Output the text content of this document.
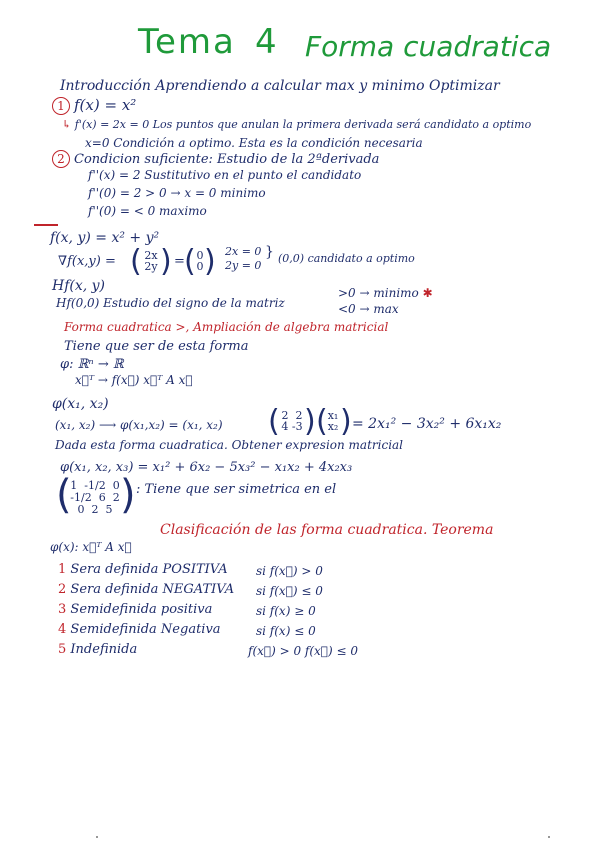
Tema 4 Forma cuadratica
Introducción Aprendiendo a calcular max y minimo Optimizar
1 f(x) = x²
↳ f'(x) = 2x = 0 Los puntos que anulan la primera derivada será candidato a optimo
x=0 Condición a optimo. Esta es la condición necesaria
2 Condicion suficiente: Estudio de la 2ªderivada
f''(x) = 2 Sustitutivo en el punto el candidato
f''(0) = 2 > 0 → x = 0 minimo
f''(0) = < 0 maximo
f(x, y) = x² + y²
∇f(x,y) = ( 2x
2y ) = ( 0
0 ) 2x = 0
2y = 0
} (0,0) candidato a optimo
Hf(x, y)
Hf(0,0) Estudio del signo de la matriz
>0 → minimo ✱
<0 → max
Forma cuadratica >, Ampliación de algebra matricial
Tiene que ser de esta forma
φ: ℝⁿ → ℝ
x⃗ᵀ → f(x⃗) x⃗ᵀ A x⃗
φ(x₁, x₂)
(x₁, x₂) ⟶ φ(x₁,x₂) = (x₁, x₂) ( 2 2
4 -3 ) ( x₁
x₂ ) = 2x₁² − 3x₂² + 6x₁x₂
Dada esta forma cuadratica. Obtener expresion matricial
φ(x₁, x₂, x₃) = x₁² + 6x₂ − 5x₃² − x₁x₂ + 4x₂x₃
(
1 -1/2 0
-1/2 6 2
0 2 5 ) : Tiene que ser simetrica en el
Clasificación de las forma cuadratica. Teorema
φ(x): x⃗ᵀ A x⃗
1 Sera definida POSITIVA si f(x⃗) > 0
2 Sera definida NEGATIVA si f(x⃗) ≤ 0
3 Semidefinida positiva	si f(x) ≥ 0
4 Semidefinida Negativa	si f(x) ≤ 0
5 Indefinida	f(x⃗) > 0 f(x⃗) ≤ 0
